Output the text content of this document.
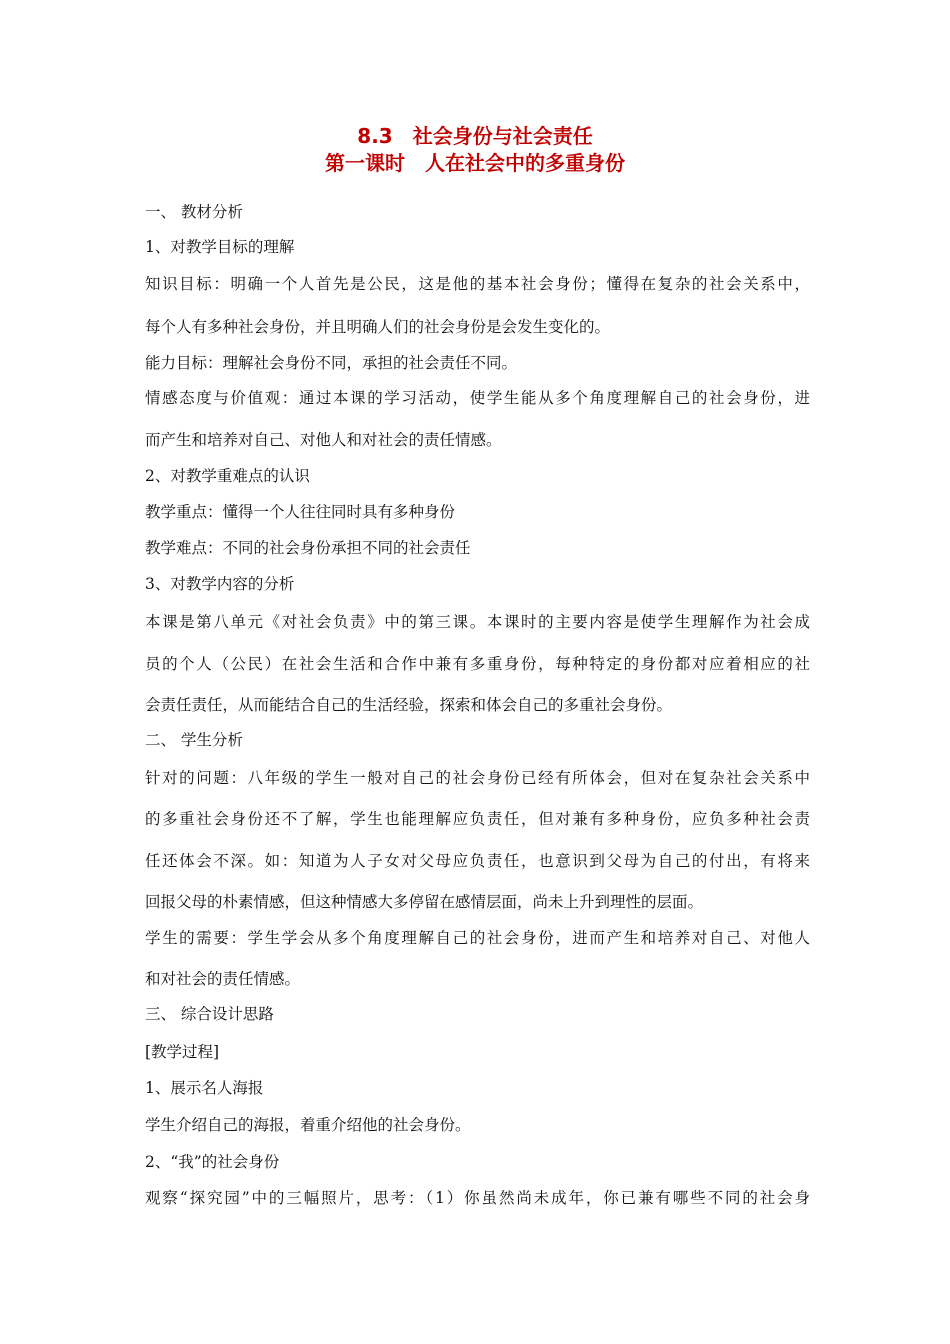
8.3　社会身份与社会责任
第一课时　人在社会中的多重身份
一、 教材分析
1、对教学目标的理解
知识目标：明确一个人首先是公民，这是他的基本社会身份；懂得在复杂的社会关系中，
每个人有多种社会身份，并且明确人们的社会身份是会发生变化的。
能力目标：理解社会身份不同，承担的社会责任不同。
情感态度与价值观：通过本课的学习活动，使学生能从多个角度理解自己的社会身份，进
而产生和培养对自己、对他人和对社会的责任情感。
2、对教学重难点的认识
教学重点：懂得一个人往往同时具有多种身份
教学难点：不同的社会身份承担不同的社会责任
3、对教学内容的分析
本课是第八单元《对社会负责》中的第三课。本课时的主要内容是使学生理解作为社会成
员的个人（公民）在社会生活和合作中兼有多重身份，每种特定的身份都对应着相应的社
会责任责任，从而能结合自己的生活经验，探索和体会自己的多重社会身份。
二、 学生分析
针对的问题：八年级的学生一般对自己的社会身份已经有所体会，但对在复杂社会关系中
的多重社会身份还不了解，学生也能理解应负责任，但对兼有多种身份，应负多种社会责
任还体会不深。如：知道为人子女对父母应负责任，也意识到父母为自己的付出，有将来
回报父母的朴素情感，但这种情感大多停留在感情层面，尚未上升到理性的层面。
学生的需要：学生学会从多个角度理解自己的社会身份，进而产生和培养对自己、对他人
和对社会的责任情感。
三、 综合设计思路
[教学过程]
1、展示名人海报
学生介绍自己的海报，着重介绍他的社会身份。
2、“我”的社会身份
观察“探究园”中的三幅照片，思考：（1）你虽然尚未成年，你已兼有哪些不同的社会身
